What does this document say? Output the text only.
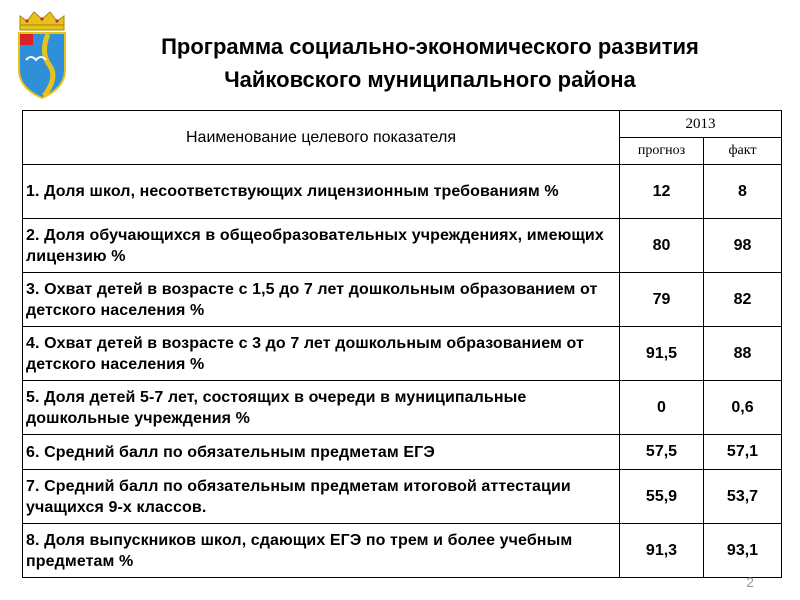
Программа социально-экономического развития
Чайковского муниципального района
Наименование целевого показателя	2013	
	прогноз	факт
1. Доля школ, несоответствующих лицензионным требованиям %	12	8
2. Доля обучающихся в общеобразовательных учреждениях, имеющих лицензию %	80	98
3. Охват детей в возрасте с 1,5 до 7 лет дошкольным образованием от детского населения %	79	82
4. Охват детей в возрасте с 3 до 7 лет дошкольным образованием от детского населения %	91,5	88
5. Доля детей 5-7 лет, состоящих в очереди в муниципальные дошкольные учреждения %	0	0,6
6. Средний балл по обязательным предметам ЕГЭ	57,5	57,1
7. Средний балл по обязательным предметам итоговой аттестации учащихся 9-х классов.	55,9	53,7
8. Доля выпускников школ, сдающих ЕГЭ по трем и более учебным предметам %	91,3	93,1
2
